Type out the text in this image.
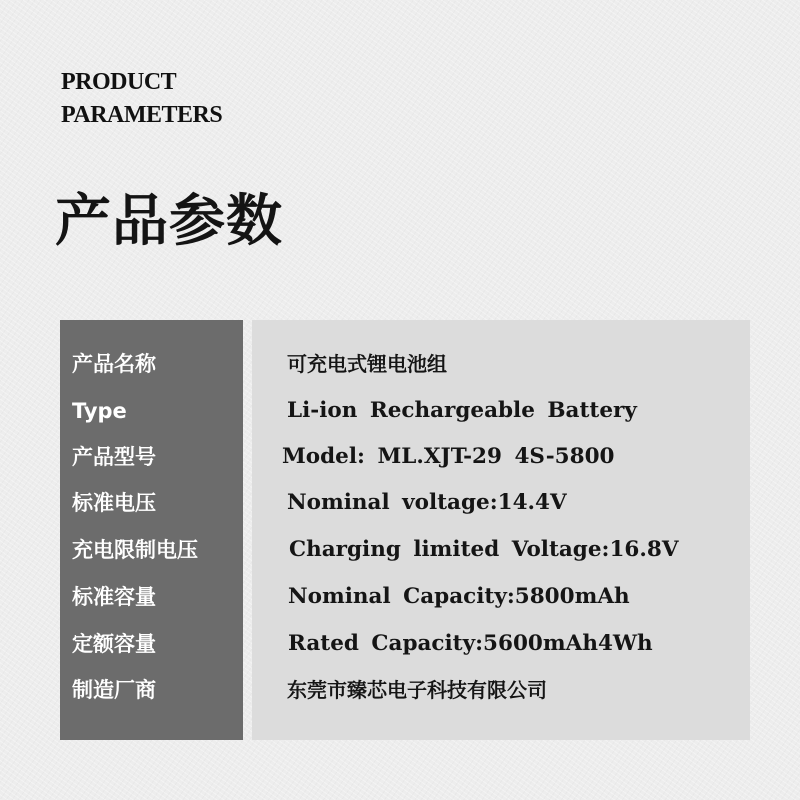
PRODUCT
PARAMETERS
产品参数
产品名称	可充电式锂电池组
Type	Li-ion Rechargeable Battery
产品型号	Model: ML.XJT-29 4S-5800
标准电压	Nominal voltage:14.4V
充电限制电压	Charging limited Voltage:16.8V
标准容量	Nominal Capacity:5800mAh
定额容量	Rated Capacity:5600mAh4Wh
制造厂商	东莞市臻芯电子科技有限公司
